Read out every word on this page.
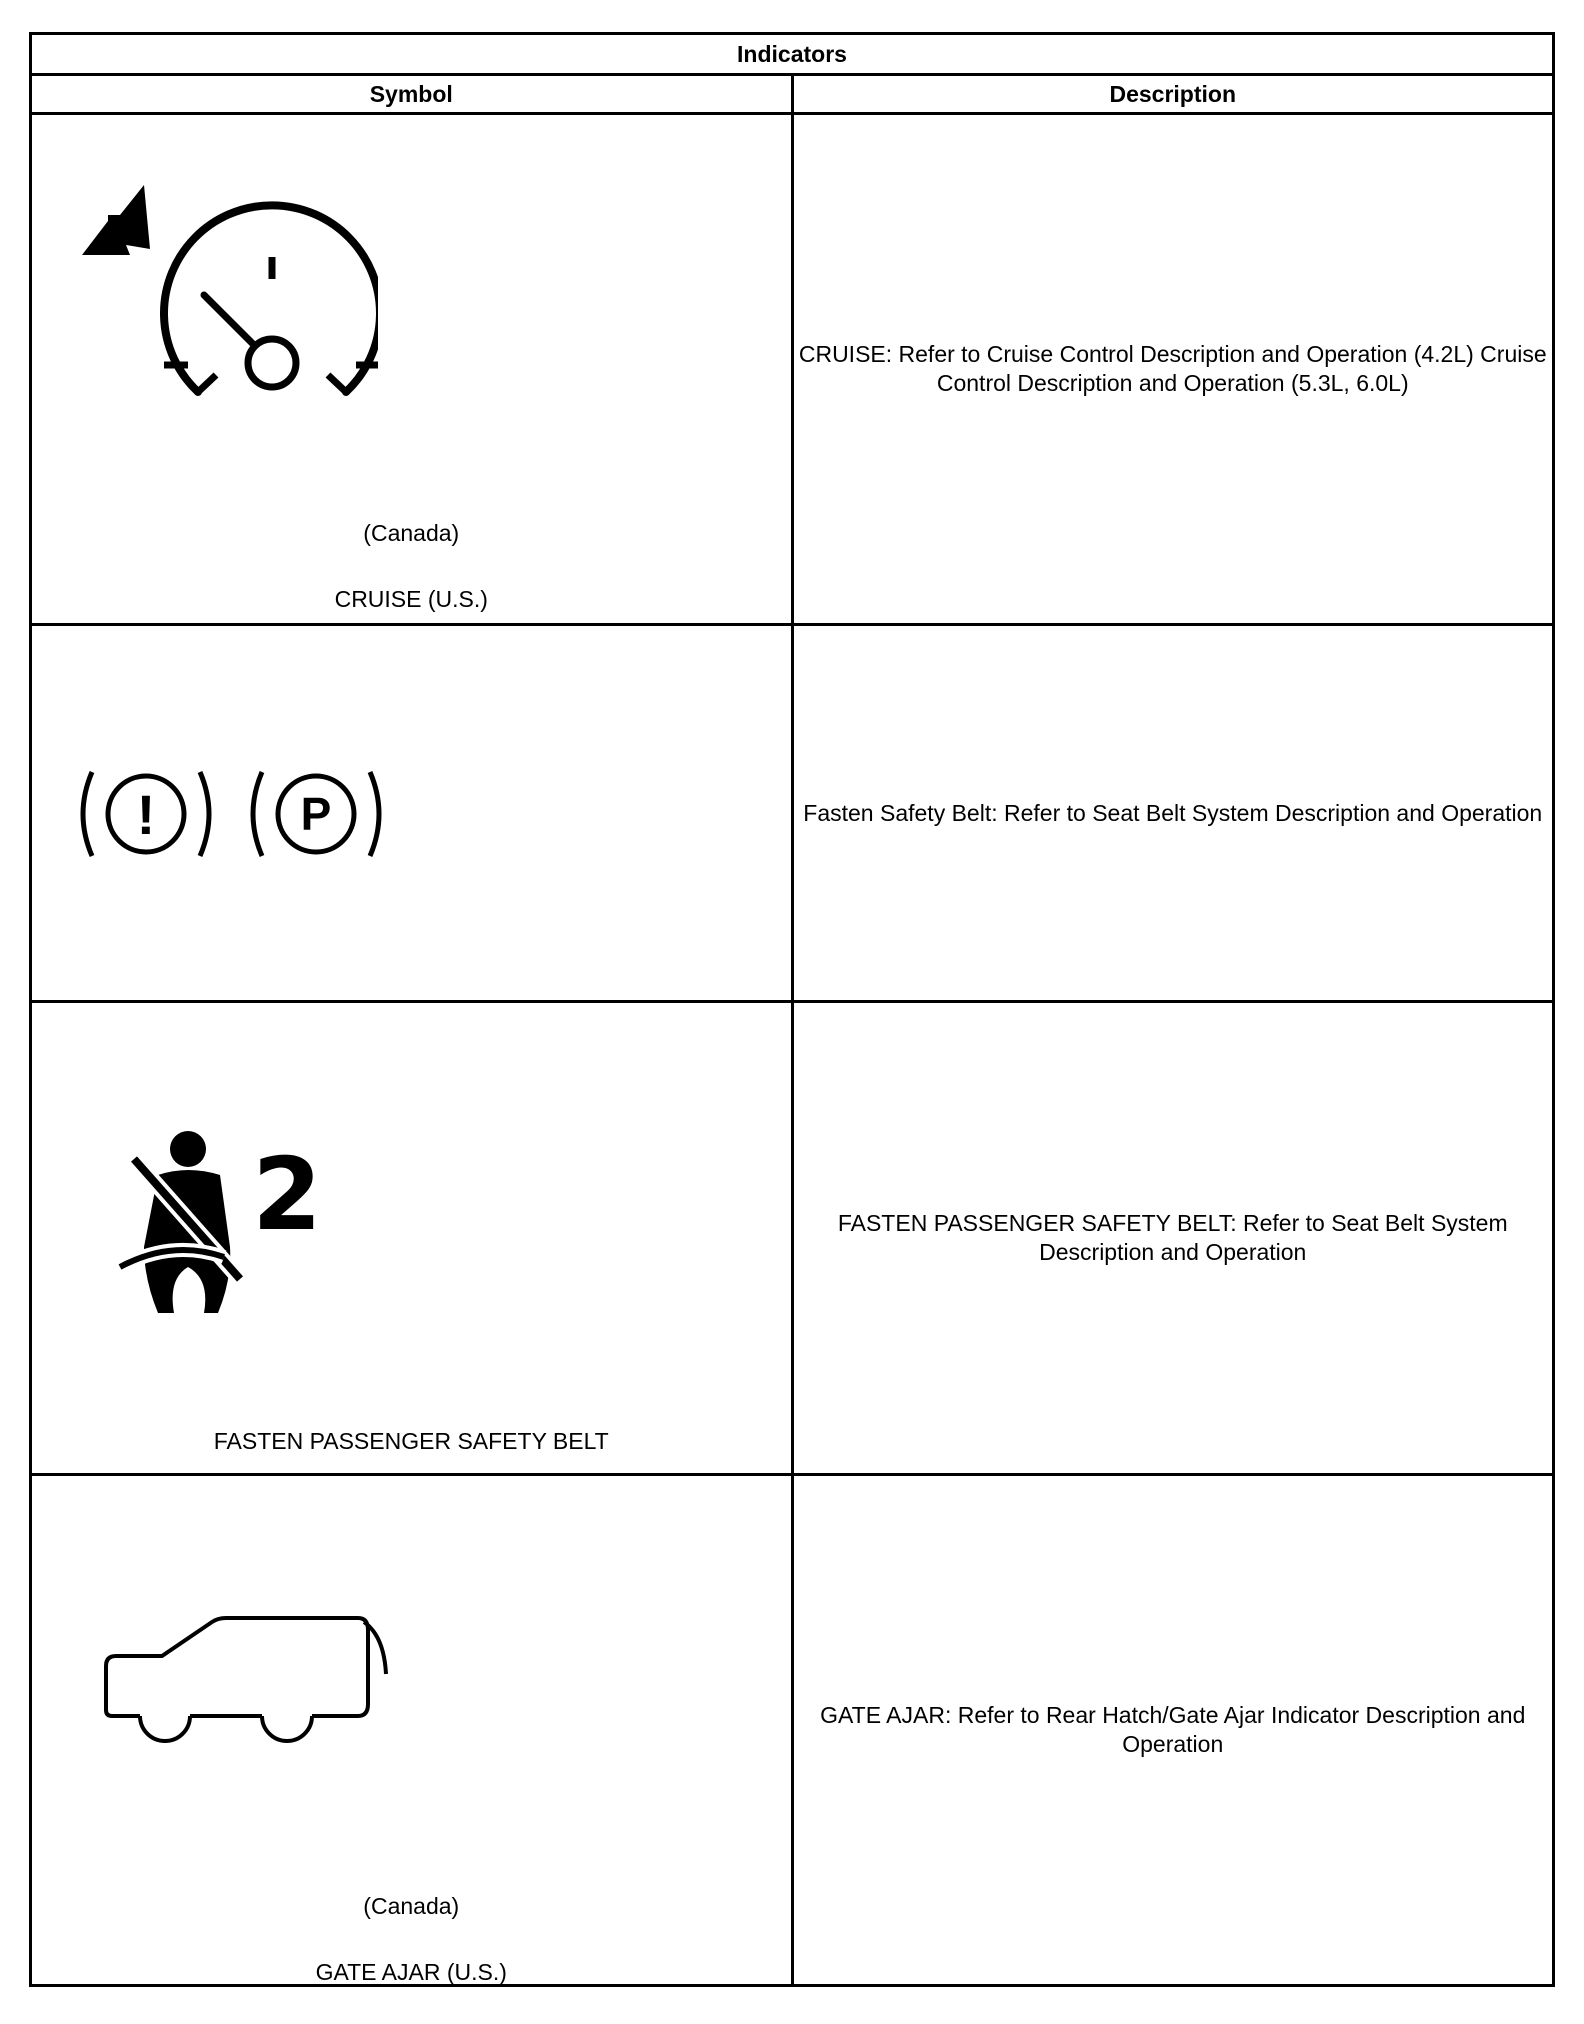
Indicators	
Symbol	Description

(Canada)
CRUISE (U.S.)	CRUISE: Refer to Cruise Control Description and Operation (4.2L) Cruise Control Description and Operation (5.3L, 6.0L)

! P	Fasten Safety Belt: Refer to Seat Belt System Description and Operation

2
FASTEN PASSENGER SAFETY BELT	FASTEN PASSENGER SAFETY BELT: Refer to Seat Belt System Description and Operation

(Canada)
GATE AJAR (U.S.)	GATE AJAR: Refer to Rear Hatch/Gate Ajar Indicator Description and Operation
